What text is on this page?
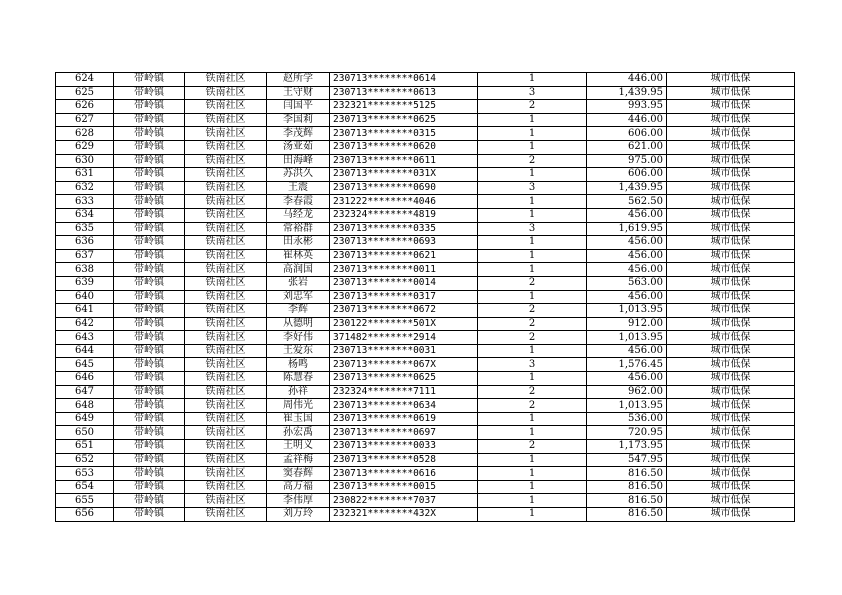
624	带岭镇	铁南社区	赵所学	230713********0614	1	446.00	城市低保
625	带岭镇	铁南社区	王守财	230713********0613	3	1,439.95	城市低保
626	带岭镇	铁南社区	闫国平	232321********5125	2	993.95	城市低保
627	带岭镇	铁南社区	李国莉	230713********0625	1	446.00	城市低保
628	带岭镇	铁南社区	李茂辉	230713********0315	1	606.00	城市低保
629	带岭镇	铁南社区	汤亚茹	230713********0620	1	621.00	城市低保
630	带岭镇	铁南社区	田海峰	230713********0611	2	975.00	城市低保
631	带岭镇	铁南社区	苏洪久	230713********031X	1	606.00	城市低保
632	带岭镇	铁南社区	王震	230713********0690	3	1,439.95	城市低保
633	带岭镇	铁南社区	李春霞	231222********4046	1	562.50	城市低保
634	带岭镇	铁南社区	马经龙	232324********4819	1	456.00	城市低保
635	带岭镇	铁南社区	常裕群	230713********0335	3	1,619.95	城市低保
636	带岭镇	铁南社区	田永彬	230713********0693	1	456.00	城市低保
637	带岭镇	铁南社区	崔林英	230713********0621	1	456.00	城市低保
638	带岭镇	铁南社区	高润国	230713********0011	1	456.00	城市低保
639	带岭镇	铁南社区	张岩	230713********0014	2	563.00	城市低保
640	带岭镇	铁南社区	刘忠军	230713********0317	1	456.00	城市低保
641	带岭镇	铁南社区	李辉	230713********0672	2	1,013.95	城市低保
642	带岭镇	铁南社区	从德明	230122********501X	2	912.00	城市低保
643	带岭镇	铁南社区	李好伟	371482********2914	2	1,013.95	城市低保
644	带岭镇	铁南社区	王爱东	230713********0031	1	456.00	城市低保
645	带岭镇	铁南社区	杨鸣	230713********067X	3	1,576.45	城市低保
646	带岭镇	铁南社区	陈慧春	230713********0625	1	456.00	城市低保
647	带岭镇	铁南社区	孙祥	232324********7111	2	962.00	城市低保
648	带岭镇	铁南社区	周伟光	230713********0634	2	1,013.95	城市低保
649	带岭镇	铁南社区	崔玉国	230713********0619	1	536.00	城市低保
650	带岭镇	铁南社区	孙宏禹	230713********0697	1	720.95	城市低保
651	带岭镇	铁南社区	王明义	230713********0033	2	1,173.95	城市低保
652	带岭镇	铁南社区	孟祥梅	230713********0528	1	547.95	城市低保
653	带岭镇	铁南社区	窦春辉	230713********0616	1	816.50	城市低保
654	带岭镇	铁南社区	高万福	230713********0015	1	816.50	城市低保
655	带岭镇	铁南社区	李伟厚	230822********7037	1	816.50	城市低保
656	带岭镇	铁南社区	刘万玲	232321********432X	1	816.50	城市低保
